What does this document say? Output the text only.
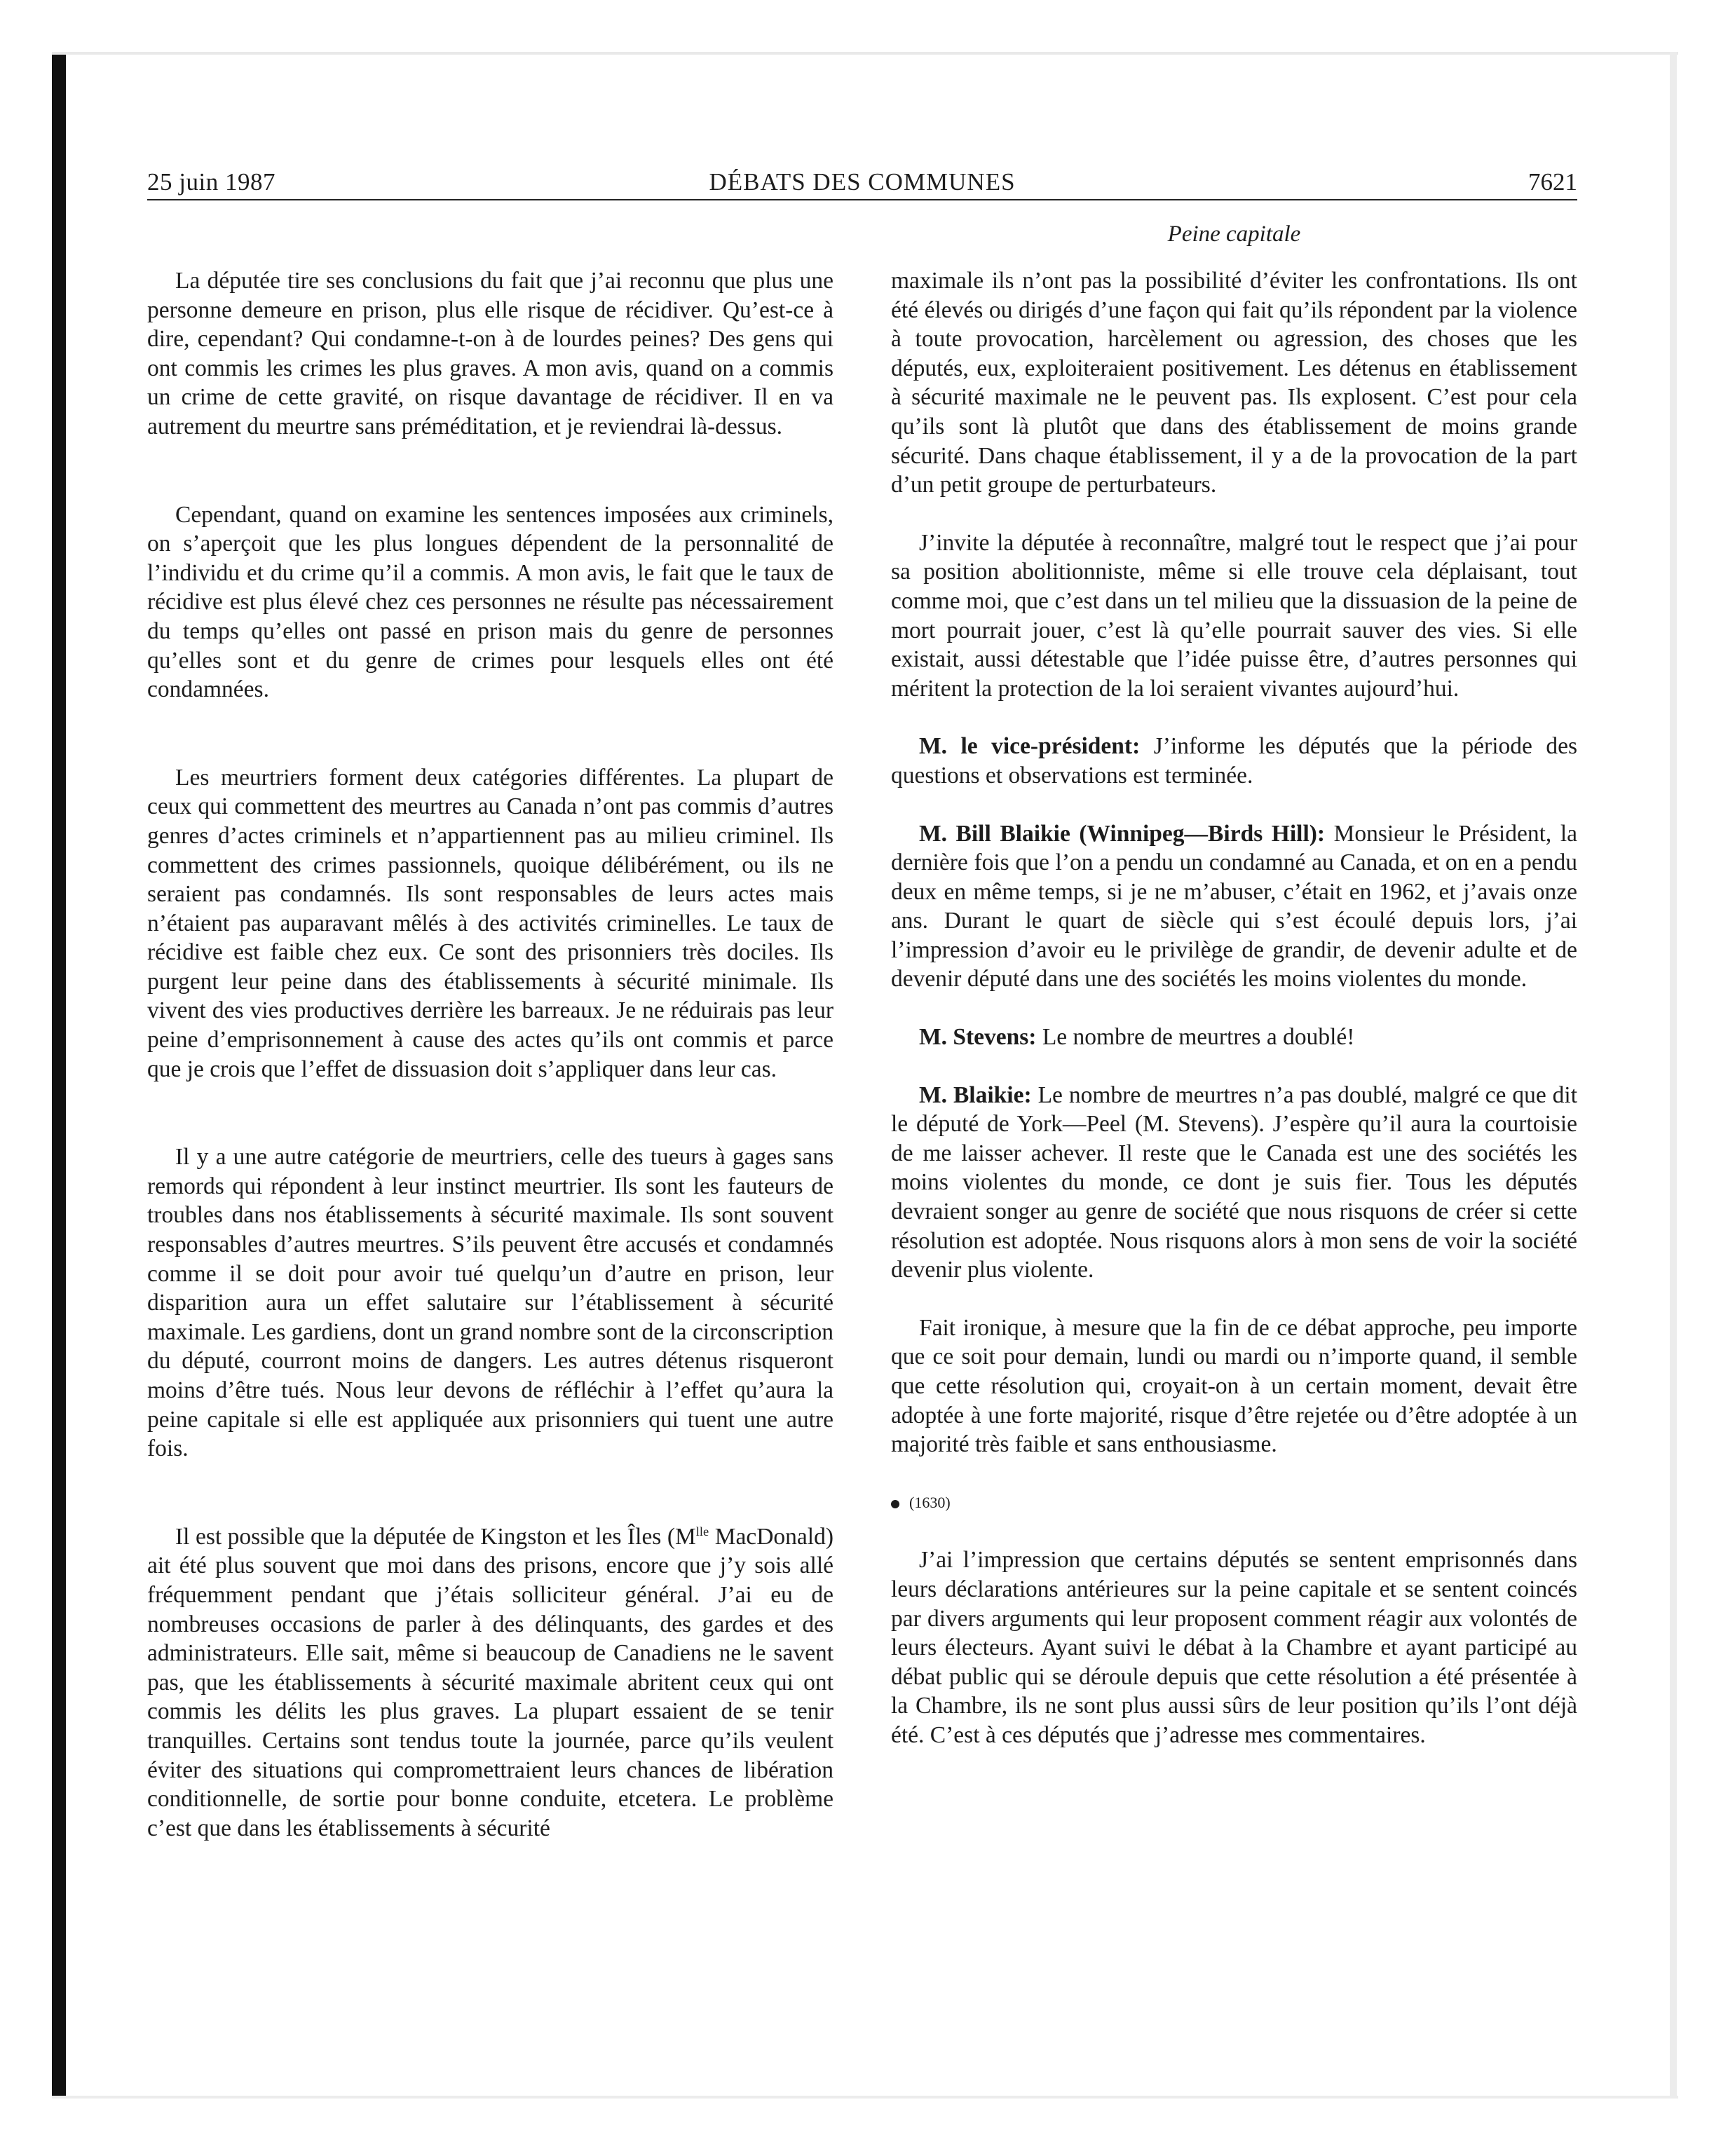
25 juin 1987	DÉBATS DES COMMUNES	7621
Peine capitale

La députée tire ses conclusions du fait que j’ai reconnu que plus une personne demeure en prison, plus elle risque de récidiver. Qu’est-ce à dire, cependant? Qui condamne-t-on à de lourdes peines? Des gens qui ont commis les crimes les plus graves. A mon avis, quand on a commis un crime de cette gravité, on risque davantage de récidiver. Il en va autrement du meurtre sans préméditation, et je reviendrai là-dessus.

Cependant, quand on examine les sentences imposées aux criminels, on s’aperçoit que les plus longues dépendent de la personnalité de l’individu et du crime qu’il a commis. A mon avis, le fait que le taux de récidive est plus élevé chez ces personnes ne résulte pas nécessairement du temps qu’elles ont passé en prison mais du genre de personnes qu’elles sont et du genre de crimes pour lesquels elles ont été condamnées.

Les meurtriers forment deux catégories différentes. La plupart de ceux qui commettent des meurtres au Canada n’ont pas commis d’autres genres d’actes criminels et n’appartiennent pas au milieu criminel. Ils commettent des crimes passionnels, quoique délibérément, ou ils ne seraient pas condamnés. Ils sont responsables de leurs actes mais n’étaient pas auparavant mêlés à des activités criminelles. Le taux de récidive est faible chez eux. Ce sont des prisonniers très dociles. Ils purgent leur peine dans des établissements à sécurité minimale. Ils vivent des vies productives derrière les barreaux. Je ne réduirais pas leur peine d’emprisonnement à cause des actes qu’ils ont commis et parce que je crois que l’effet de dissuasion doit s’appliquer dans leur cas.

Il y a une autre catégorie de meurtriers, celle des tueurs à gages sans remords qui répondent à leur instinct meurtrier. Ils sont les fauteurs de troubles dans nos établissements à sécurité maximale. Ils sont souvent responsables d’autres meurtres. S’ils peuvent être accusés et condamnés comme il se doit pour avoir tué quelqu’un d’autre en prison, leur disparition aura un effet salutaire sur l’établissement à sécurité maximale. Les gardiens, dont un grand nombre sont de la circonscription du député, courront moins de dangers. Les autres détenus risqueront moins d’être tués. Nous leur devons de réfléchir à l’effet qu’aura la peine capitale si elle est appliquée aux prisonniers qui tuent une autre fois.

Il est possible que la députée de Kingston et les Îles ($M^{lle}$ MacDonald) ait été plus souvent que moi dans des prisons, encore que j’y sois allé fréquemment pendant que j’étais solliciteur général. J’ai eu de nombreuses occasions de parler à des délinquants, des gardes et des administrateurs. Elle sait, même si beaucoup de Canadiens ne le savent pas, que les établissements à sécurité maximale abritent ceux qui ont commis les délits les plus graves. La plupart essaient de se tenir tranquilles. Certains sont tendus toute la journée, parce qu’ils veulent éviter des situations qui compromettraient leurs chances de libération conditionnelle, de sortie pour bonne conduite, etcetera. Le problème c’est que dans les établissements à sécurité

maximale ils n’ont pas la possibilité d’éviter les confrontations. Ils ont été élevés ou dirigés d’une façon qui fait qu’ils répondent par la violence à toute provocation, harcèlement ou agression, des choses que les députés, eux, exploiteraient positivement. Les détenus en établissement à sécurité maximale ne le peuvent pas. Ils explosent. C’est pour cela qu’ils sont là plutôt que dans des établissement de moins grande sécurité. Dans chaque établissement, il y a de la provocation de la part d’un petit groupe de perturbateurs.

J’invite la députée à reconnaître, malgré tout le respect que j’ai pour sa position abolitionniste, même si elle trouve cela déplaisant, tout comme moi, que c’est dans un tel milieu que la dissuasion de la peine de mort pourrait jouer, c’est là qu’elle pourrait sauver des vies. Si elle existait, aussi détestable que l’idée puisse être, d’autres personnes qui méritent la protection de la loi seraient vivantes aujourd’hui.

M. le vice-président: J’informe les députés que la période des questions et observations est terminée.

M. Bill Blaikie (Winnipeg—Birds Hill): Monsieur le Président, la dernière fois que l’on a pendu un condamné au Canada, et on en a pendu deux en même temps, si je ne m’abuser, c’était en 1962, et j’avais onze ans. Durant le quart de siècle qui s’est écoulé depuis lors, j’ai l’impression d’avoir eu le privilège de grandir, de devenir adulte et de devenir député dans une des sociétés les moins violentes du monde.

M. Stevens: Le nombre de meurtres a doublé!

M. Blaikie: Le nombre de meurtres n’a pas doublé, malgré ce que dit le député de York—Peel (M. Stevens). J’espère qu’il aura la courtoisie de me laisser achever. Il reste que le Canada est une des sociétés les moins violentes du monde, ce dont je suis fier. Tous les députés devraient songer au genre de société que nous risquons de créer si cette résolution est adoptée. Nous risquons alors à mon sens de voir la société devenir plus violente.

Fait ironique, à mesure que la fin de ce débat approche, peu importe que ce soit pour demain, lundi ou mardi ou n’importe quand, il semble que cette résolution qui, croyait-on à un certain moment, devait être adoptée à une forte majorité, risque d’être rejetée ou d’être adoptée à un majorité très faible et sans enthousiasme.

(1630)

J’ai l’impression que certains députés se sentent emprisonnés dans leurs déclarations antérieures sur la peine capitale et se sentent coincés par divers arguments qui leur proposent comment réagir aux volontés de leurs électeurs. Ayant suivi le débat à la Chambre et ayant participé au débat public qui se déroule depuis que cette résolution a été présentée à la Chambre, ils ne sont plus aussi sûrs de leur position qu’ils l’ont déjà été. C’est à ces députés que j’adresse mes commentaires.
